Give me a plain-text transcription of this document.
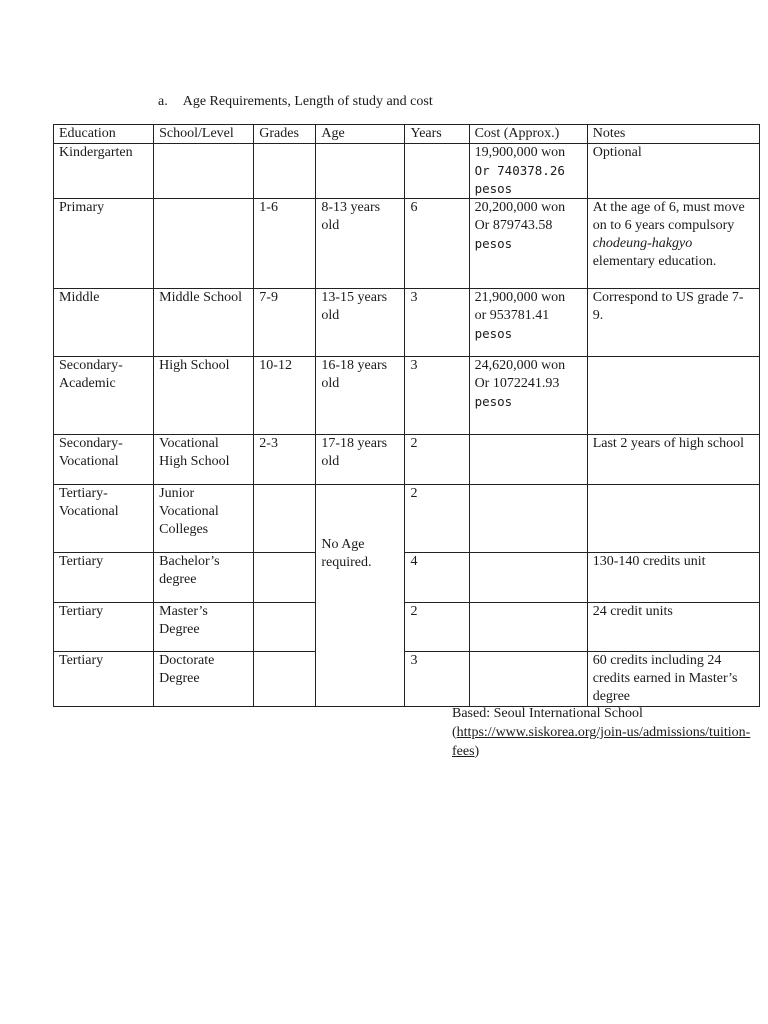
a. Age Requirements, Length of study and cost
Education	School/Level	Grades	Age	Years	Cost (Approx.)	Notes
Kindergarten					19,900,000 won
Or 740378.26
pesos	Optional
Primary		1-6	8-13 years old	6	20,200,000 won
Or 879743.58
pesos	At the age of 6, must move on to 6 years compulsory chodeung-hakgyo elementary education.
Middle	Middle School	7-9	13-15 years old	3	21,900,000 won
or 953781.41
pesos	Correspond to US grade 7-9.
Secondary-Academic	High School	10-12	16-18 years old	3	24,620,000 won
Or 1072241.93
pesos	

Secondary-Vocational	Vocational High School	2-3	17-18 years old	2		Last 2 years of high school
Tertiary-Vocational	Junior Vocational Colleges		No Age required.	2		
Tertiary	Bachelor’s degree			4		130-140 credits unit
Tertiary	Master’s Degree			2		24 credit units
Tertiary	Doctorate Degree			3		60 credits including 24 credits earned in Master’s degree
Based: Seoul International School
(https://www.siskorea.org/join-us/admissions/tuition-fees)
